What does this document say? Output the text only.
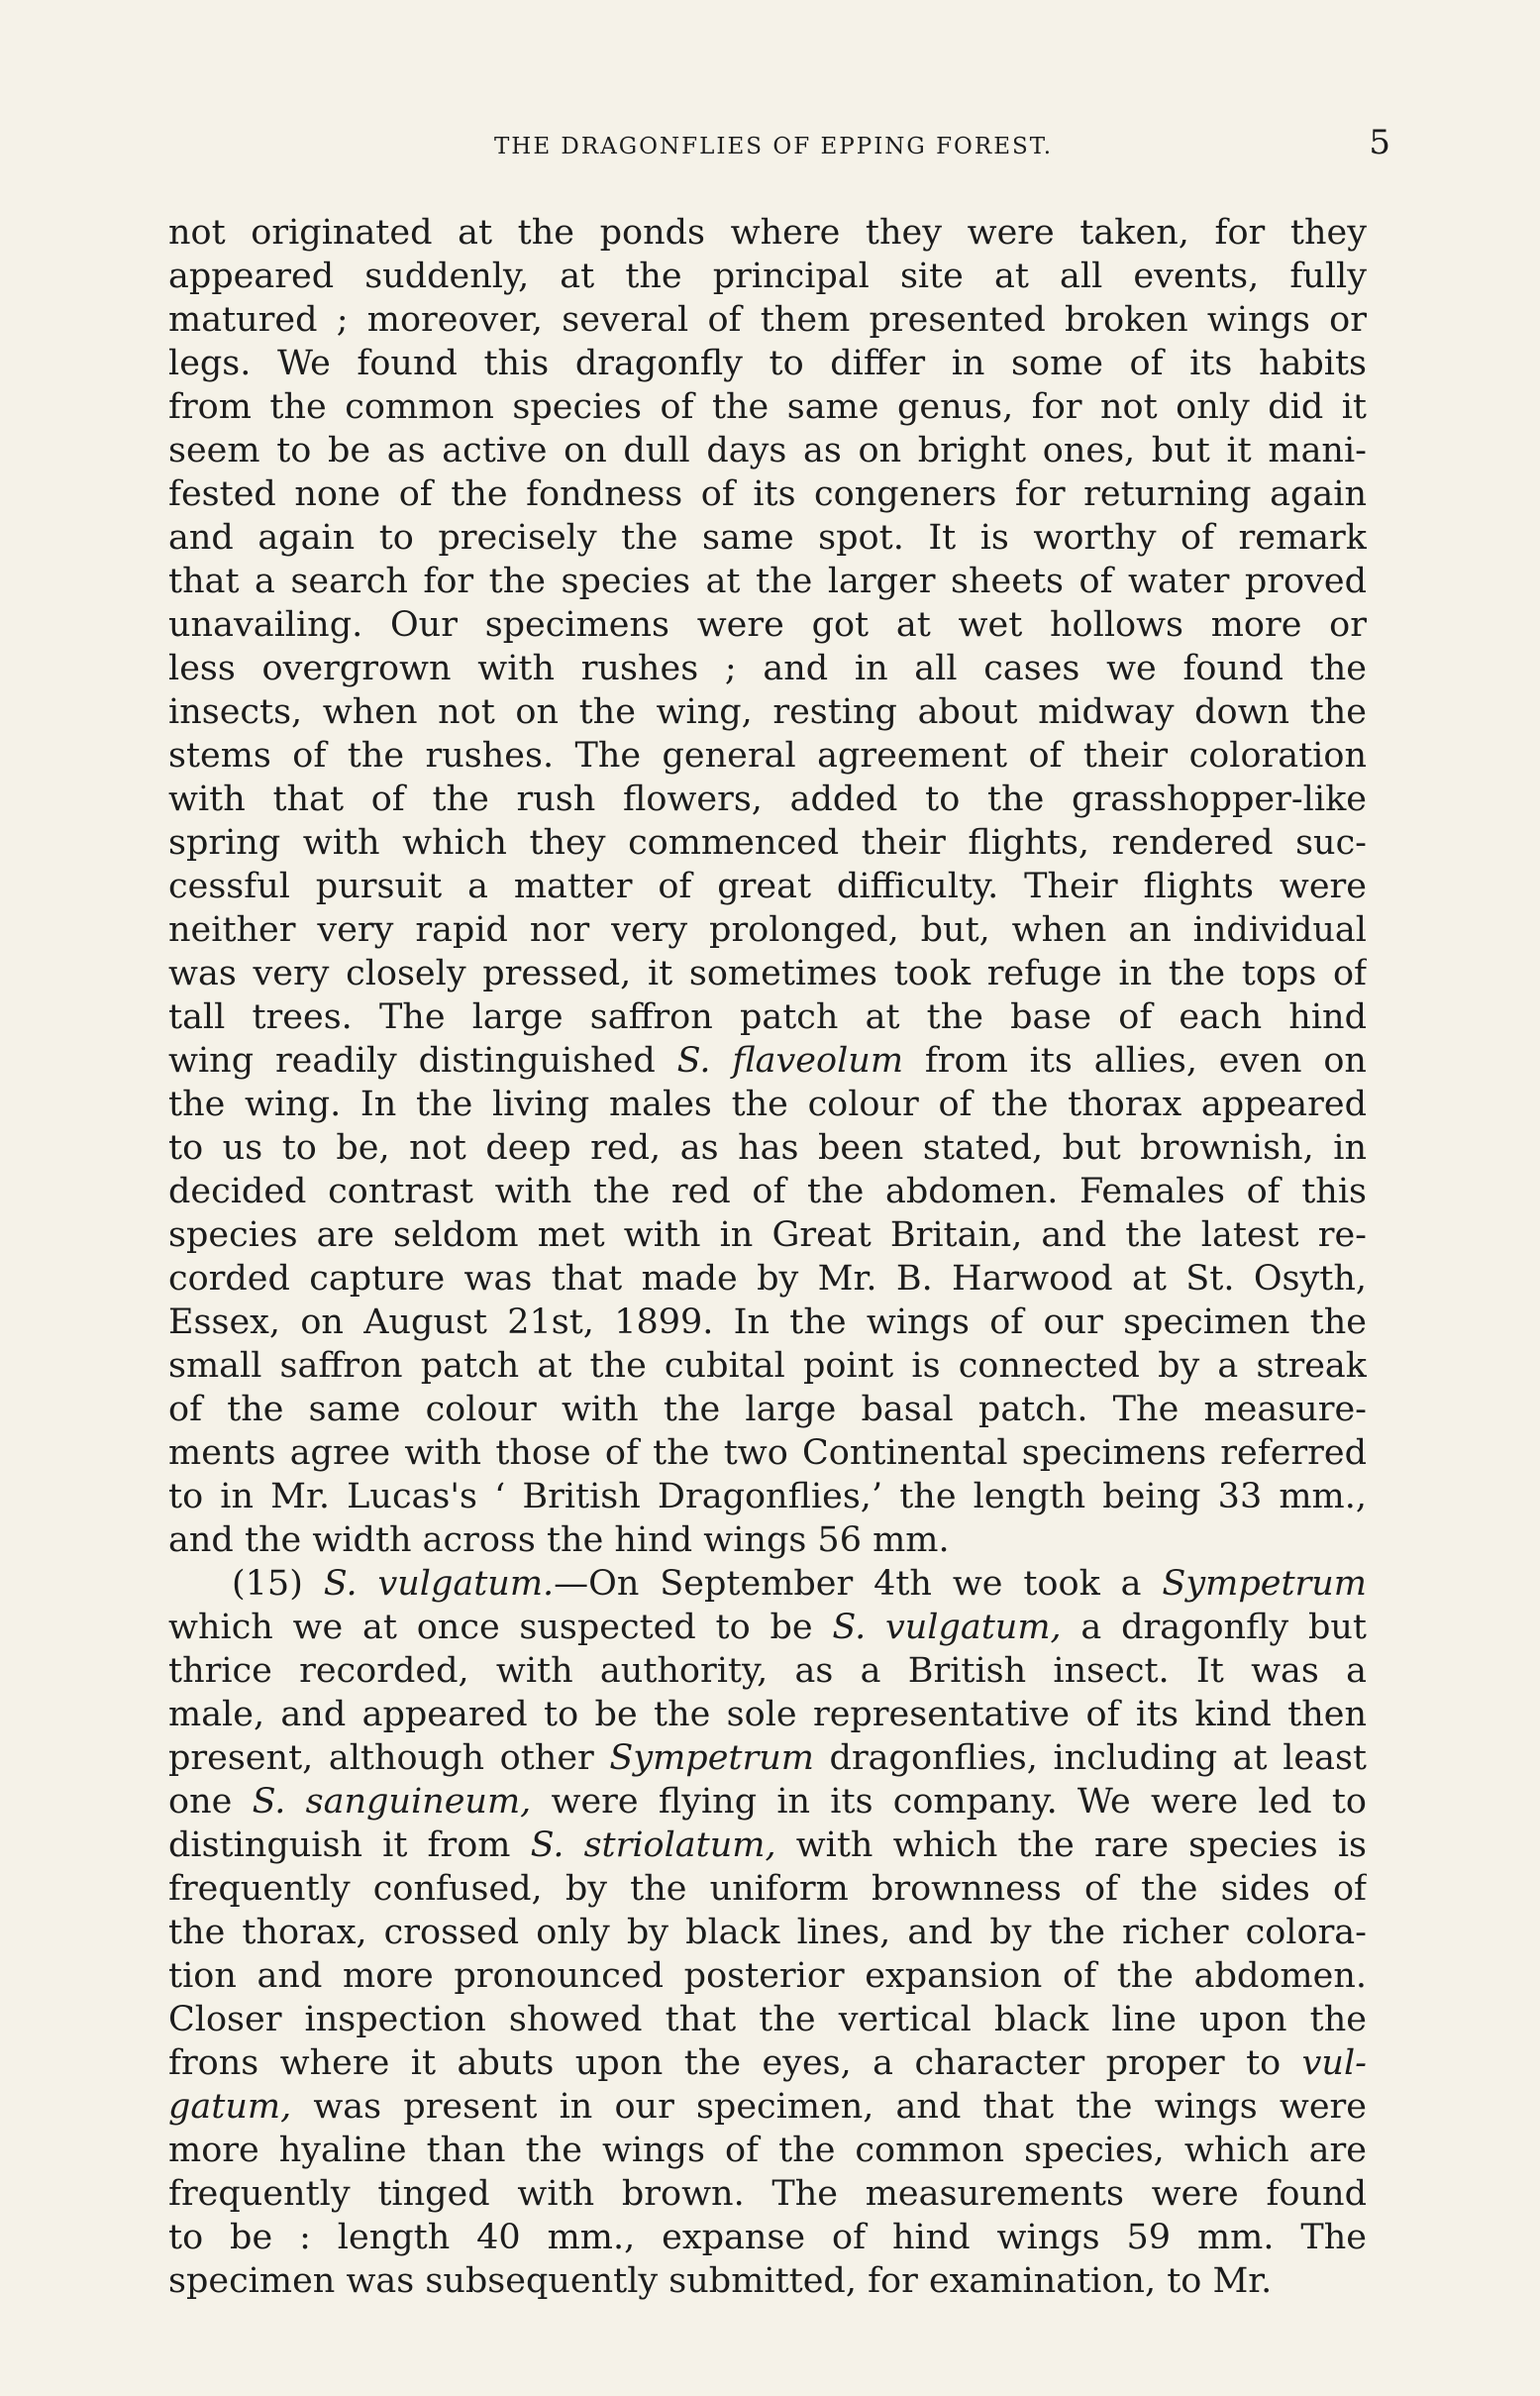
THE DRAGONFLIES OF EPPING FOREST.	5
not originated at the ponds where they were taken, for they
appeared suddenly, at the principal site at all events, fully
matured ; moreover, several of them presented broken wings or
legs. We found this dragonfly to differ in some of its habits
from the common species of the same genus, for not only did it
seem to be as active on dull days as on bright ones, but it mani-
fested none of the fondness of its congeners for returning again
and again to precisely the same spot. It is worthy of remark
that a search for the species at the larger sheets of water proved
unavailing. Our specimens were got at wet hollows more or
less overgrown with rushes ; and in all cases we found the
insects, when not on the wing, resting about midway down the
stems of the rushes. The general agreement of their coloration
with that of the rush flowers, added to the grasshopper-like
spring with which they commenced their flights, rendered suc-
cessful pursuit a matter of great difficulty. Their flights were
neither very rapid nor very prolonged, but, when an individual
was very closely pressed, it sometimes took refuge in the tops of
tall trees. The large saffron patch at the base of each hind
wing readily distinguished S. flaveolum from its allies, even on
the wing. In the living males the colour of the thorax appeared
to us to be, not deep red, as has been stated, but brownish, in
decided contrast with the red of the abdomen. Females of this
species are seldom met with in Great Britain, and the latest re-
corded capture was that made by Mr. B. Harwood at St. Osyth,
Essex, on August 21st, 1899. In the wings of our specimen the
small saffron patch at the cubital point is connected by a streak
of the same colour with the large basal patch. The measure-
ments agree with those of the two Continental specimens referred
to in Mr. Lucas's ‘ British Dragonflies,’ the length being 33 mm.,
and the width across the hind wings 56 mm.
(15) S. vulgatum.—On September 4th we took a Sympetrum
which we at once suspected to be S. vulgatum, a dragonfly but
thrice recorded, with authority, as a British insect. It was a
male, and appeared to be the sole representative of its kind then
present, although other Sympetrum dragonflies, including at least
one S. sanguineum, were flying in its company. We were led to
distinguish it from S. striolatum, with which the rare species is
frequently confused, by the uniform brownness of the sides of
the thorax, crossed only by black lines, and by the richer colora-
tion and more pronounced posterior expansion of the abdomen.
Closer inspection showed that the vertical black line upon the
frons where it abuts upon the eyes, a character proper to vul-
gatum, was present in our specimen, and that the wings were
more hyaline than the wings of the common species, which are
frequently tinged with brown. The measurements were found
to be : length 40 mm., expanse of hind wings 59 mm. The
specimen was subsequently submitted, for examination, to Mr.
